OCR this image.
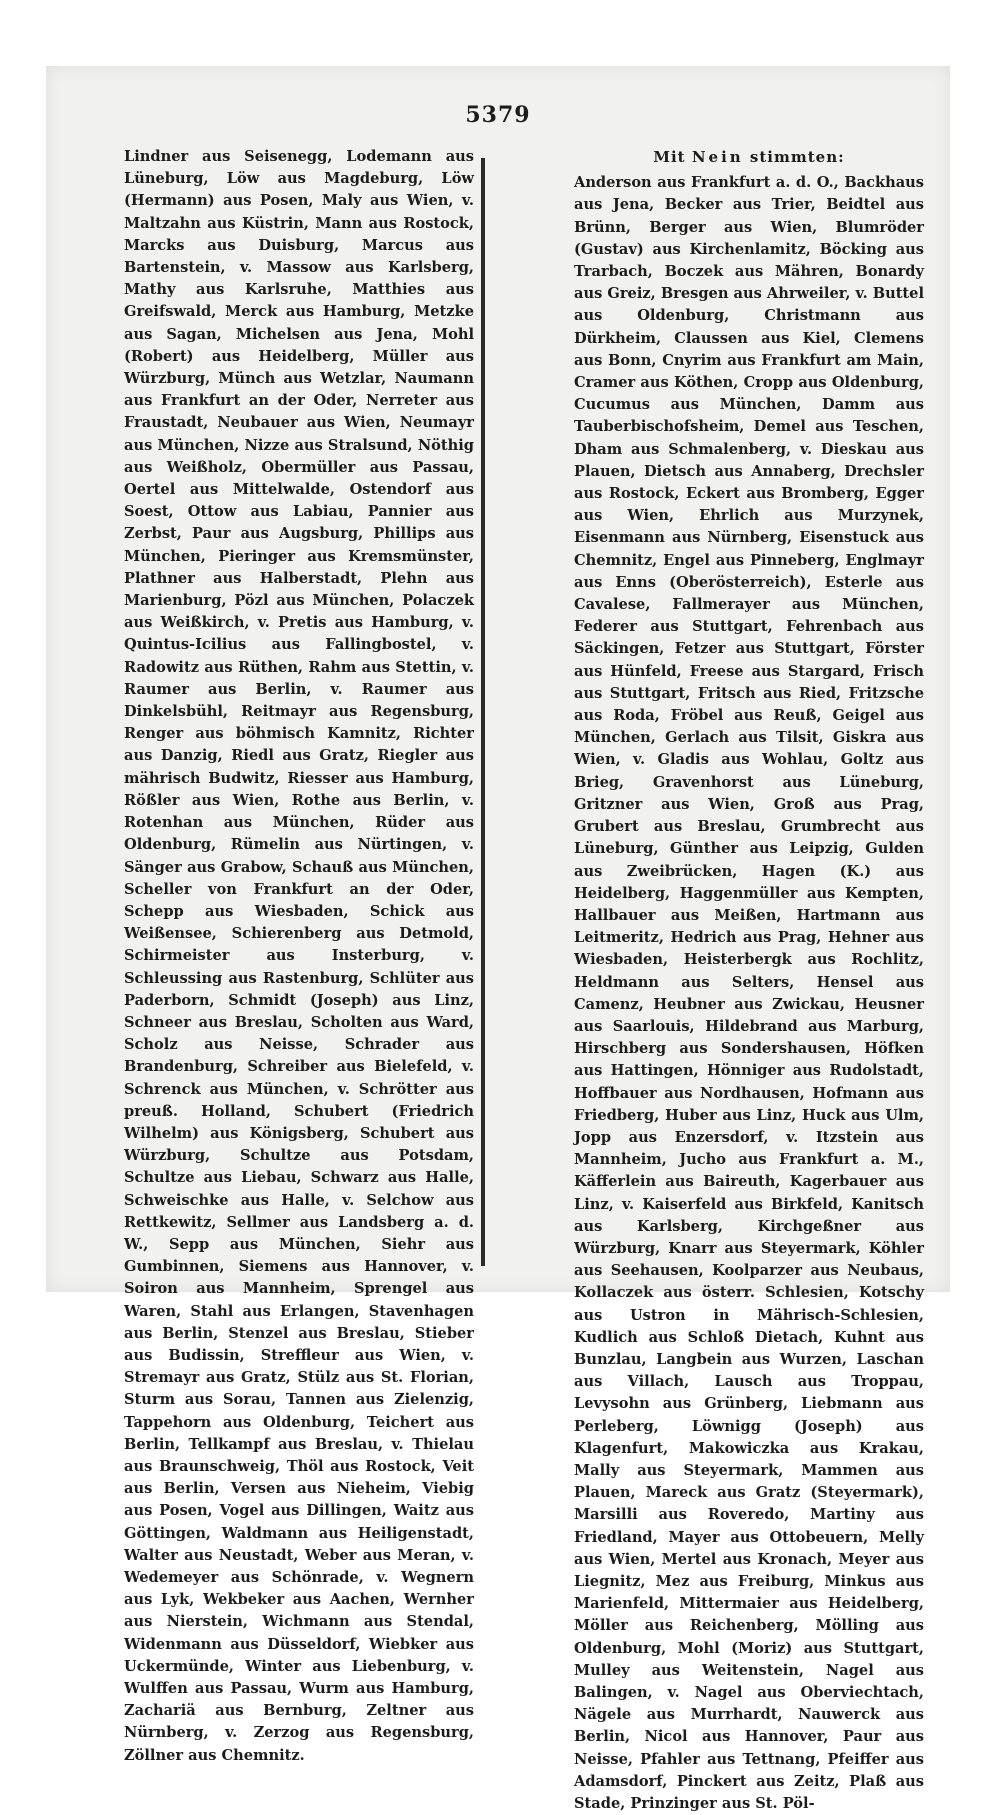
5379

Lindner aus Seisenegg, Lodemann aus Lüneburg, Löw aus Magdeburg, Löw (Hermann) aus Posen, Maly aus Wien, v. Maltzahn aus Küstrin, Mann aus Rostock, Marcks aus Duisburg, Marcus aus Bartenstein, v. Massow aus Karlsberg, Mathy aus Karlsruhe, Matthies aus Greifswald, Merck aus Hamburg, Metzke aus Sagan, Michelsen aus Jena, Mohl (Robert) aus Heidelberg, Müller aus Würzburg, Münch aus Wetzlar, Naumann aus Frankfurt an der Oder, Nerreter aus Fraustadt, Neubauer aus Wien, Neumayr aus München, Nizze aus Stralsund, Nöthig aus Weißholz, Obermüller aus Passau, Oertel aus Mittelwalde, Ostendorf aus Soest, Ottow aus Labiau, Pannier aus Zerbst, Paur aus Augsburg, Phillips aus München, Pieringer aus Kremsmünster, Plathner aus Halberstadt, Plehn aus Marienburg, Pözl aus München, Polaczek aus Weißkirch, v. Pretis aus Hamburg, v. Quintus-Icilius aus Fallingbostel, v. Radowitz aus Rüthen, Rahm aus Stettin, v. Raumer aus Berlin, v. Raumer aus Dinkelsbühl, Reitmayr aus Regensburg, Renger aus böhmisch Kamnitz, Richter aus Danzig, Riedl aus Gratz, Riegler aus mährisch Budwitz, Riesser aus Hamburg, Rößler aus Wien, Rothe aus Berlin, v. Rotenhan aus München, Rüder aus Oldenburg, Rümelin aus Nürtingen, v. Sänger aus Grabow, Schauß aus München, Scheller von Frankfurt an der Oder, Schepp aus Wiesbaden, Schick aus Weißensee, Schierenberg aus Detmold, Schirmeister aus Insterburg, v. Schleussing aus Rastenburg, Schlüter aus Paderborn, Schmidt (Joseph) aus Linz, Schneer aus Breslau, Scholten aus Ward, Scholz aus Neisse, Schrader aus Brandenburg, Schreiber aus Bielefeld, v. Schrenck aus München, v. Schrötter aus preuß. Holland, Schubert (Friedrich Wilhelm) aus Königsberg, Schubert aus Würzburg, Schultze aus Potsdam, Schultze aus Liebau, Schwarz aus Halle, Schweischke aus Halle, v. Selchow aus Rettkewitz, Sellmer aus Landsberg a. d. W., Sepp aus München, Siehr aus Gumbinnen, Siemens aus Hannover, v. Soiron aus Mannheim, Sprengel aus Waren, Stahl aus Erlangen, Stavenhagen aus Berlin, Stenzel aus Breslau, Stieber aus Budissin, Streffleur aus Wien, v. Stremayr aus Gratz, Stülz aus St. Florian, Sturm aus Sorau, Tannen aus Zielenzig, Tappehorn aus Oldenburg, Teichert aus Berlin, Tellkampf aus Breslau, v. Thielau aus Braunschweig, Thöl aus Rostock, Veit aus Berlin, Versen aus Nieheim, Viebig aus Posen, Vogel aus Dillingen, Waitz aus Göttingen, Waldmann aus Heiligenstadt, Walter aus Neustadt, Weber aus Meran, v. Wedemeyer aus Schönrade, v. Wegnern aus Lyk, Wekbeker aus Aachen, Wernher aus Nierstein, Wichmann aus Stendal, Widenmann aus Düsseldorf, Wiebker aus Uckermünde, Winter aus Liebenburg, v. Wulffen aus Passau, Wurm aus Hamburg, Zachariä aus Bernburg, Zeltner aus Nürnberg, v. Zerzog aus Regensburg, Zöllner aus Chemnitz.

Mit Nein stimmten:

Anderson aus Frankfurt a. d. O., Backhaus aus Jena, Becker aus Trier, Beidtel aus Brünn, Berger aus Wien, Blumröder (Gustav) aus Kirchenlamitz, Böcking aus Trarbach, Boczek aus Mähren, Bonardy aus Greiz, Bresgen aus Ahrweiler, v. Buttel aus Oldenburg, Christmann aus Dürkheim, Claussen aus Kiel, Clemens aus Bonn, Cnyrim aus Frankfurt am Main, Cramer aus Köthen, Cropp aus Oldenburg, Cucumus aus München, Damm aus Tauberbischofsheim, Demel aus Teschen, Dham aus Schmalenberg, v. Dieskau aus Plauen, Dietsch aus Annaberg, Drechsler aus Rostock, Eckert aus Bromberg, Egger aus Wien, Ehrlich aus Murzynek, Eisenmann aus Nürnberg, Eisenstuck aus Chemnitz, Engel aus Pinneberg, Englmayr aus Enns (Oberösterreich), Esterle aus Cavalese, Fallmerayer aus München, Federer aus Stuttgart, Fehrenbach aus Säckingen, Fetzer aus Stuttgart, Förster aus Hünfeld, Freese aus Stargard, Frisch aus Stuttgart, Fritsch aus Ried, Fritzsche aus Roda, Fröbel aus Reuß, Geigel aus München, Gerlach aus Tilsit, Giskra aus Wien, v. Gladis aus Wohlau, Goltz aus Brieg, Gravenhorst aus Lüneburg, Gritzner aus Wien, Groß aus Prag, Grubert aus Breslau, Grumbrecht aus Lüneburg, Günther aus Leipzig, Gulden aus Zweibrücken, Hagen (K.) aus Heidelberg, Haggenmüller aus Kempten, Hallbauer aus Meißen, Hartmann aus Leitmeritz, Hedrich aus Prag, Hehner aus Wiesbaden, Heisterbergk aus Rochlitz, Heldmann aus Selters, Hensel aus Camenz, Heubner aus Zwickau, Heusner aus Saarlouis, Hildebrand aus Marburg, Hirschberg aus Sondershausen, Höfken aus Hattingen, Hönniger aus Rudolstadt, Hoffbauer aus Nordhausen, Hofmann aus Friedberg, Huber aus Linz, Huck aus Ulm, Jopp aus Enzersdorf, v. Itzstein aus Mannheim, Jucho aus Frankfurt a. M., Käfferlein aus Baireuth, Kagerbauer aus Linz, v. Kaiserfeld aus Birkfeld, Kanitsch aus Karlsberg, Kirchgeßner aus Würzburg, Knarr aus Steyermark, Köhler aus Seehausen, Koolparzer aus Neubaus, Kollaczek aus österr. Schlesien, Kotschy aus Ustron in Mährisch-Schlesien, Kudlich aus Schloß Dietach, Kuhnt aus Bunzlau, Langbein aus Wurzen, Laschan aus Villach, Lausch aus Troppau, Levysohn aus Grünberg, Liebmann aus Perleberg, Löwnigg (Joseph) aus Klagenfurt, Makowiczka aus Krakau, Mally aus Steyermark, Mammen aus Plauen, Mareck aus Gratz (Steyermark), Marsilli aus Roveredo, Martiny aus Friedland, Mayer aus Ottobeuern, Melly aus Wien, Mertel aus Kronach, Meyer aus Liegnitz, Mez aus Freiburg, Minkus aus Marienfeld, Mittermaier aus Heidelberg, Möller aus Reichenberg, Mölling aus Oldenburg, Mohl (Moriz) aus Stuttgart, Mulley aus Weitenstein, Nagel aus Balingen, v. Nagel aus Oberviechtach, Nägele aus Murrhardt, Nauwerck aus Berlin, Nicol aus Hannover, Paur aus Neisse, Pfahler aus Tettnang, Pfeiffer aus Adamsdorf, Pinckert aus Zeitz, Plaß aus Stade, Prinzinger aus St. Pöl-
